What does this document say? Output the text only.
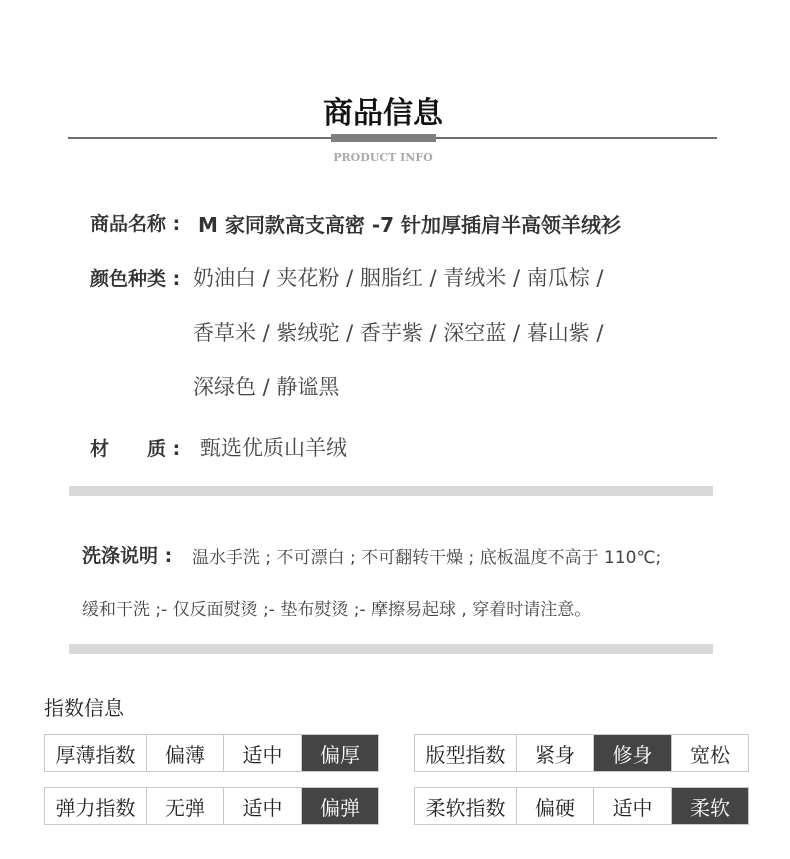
商品信息
PRODUCT INFO
商品名称 : M 家同款高支高密 -7 针加厚插肩半高领羊绒衫
颜色种类 : 奶油白 / 夹花粉 / 胭脂红 / 青绒米 / 南瓜棕 /
香草米 / 紫绒驼 / 香芋紫 / 深空蓝 / 暮山紫 /
深绿色 / 静谧黑
材　　质 : 甄选优质山羊绒
洗涤说明 : 温水手洗 ; 不可漂白 ; 不可翻转干燥 ; 底板温度不高于 110℃;
缓和干洗 ;- 仅反面熨烫 ;- 垫布熨烫 ;- 摩擦易起球 , 穿着时请注意。
指数信息
厚薄指数	偏薄	适中	偏厚	版型指数	紧身	修身	宽松
弹力指数	无弹	适中	偏弹	柔软指数	偏硬	适中	柔软
